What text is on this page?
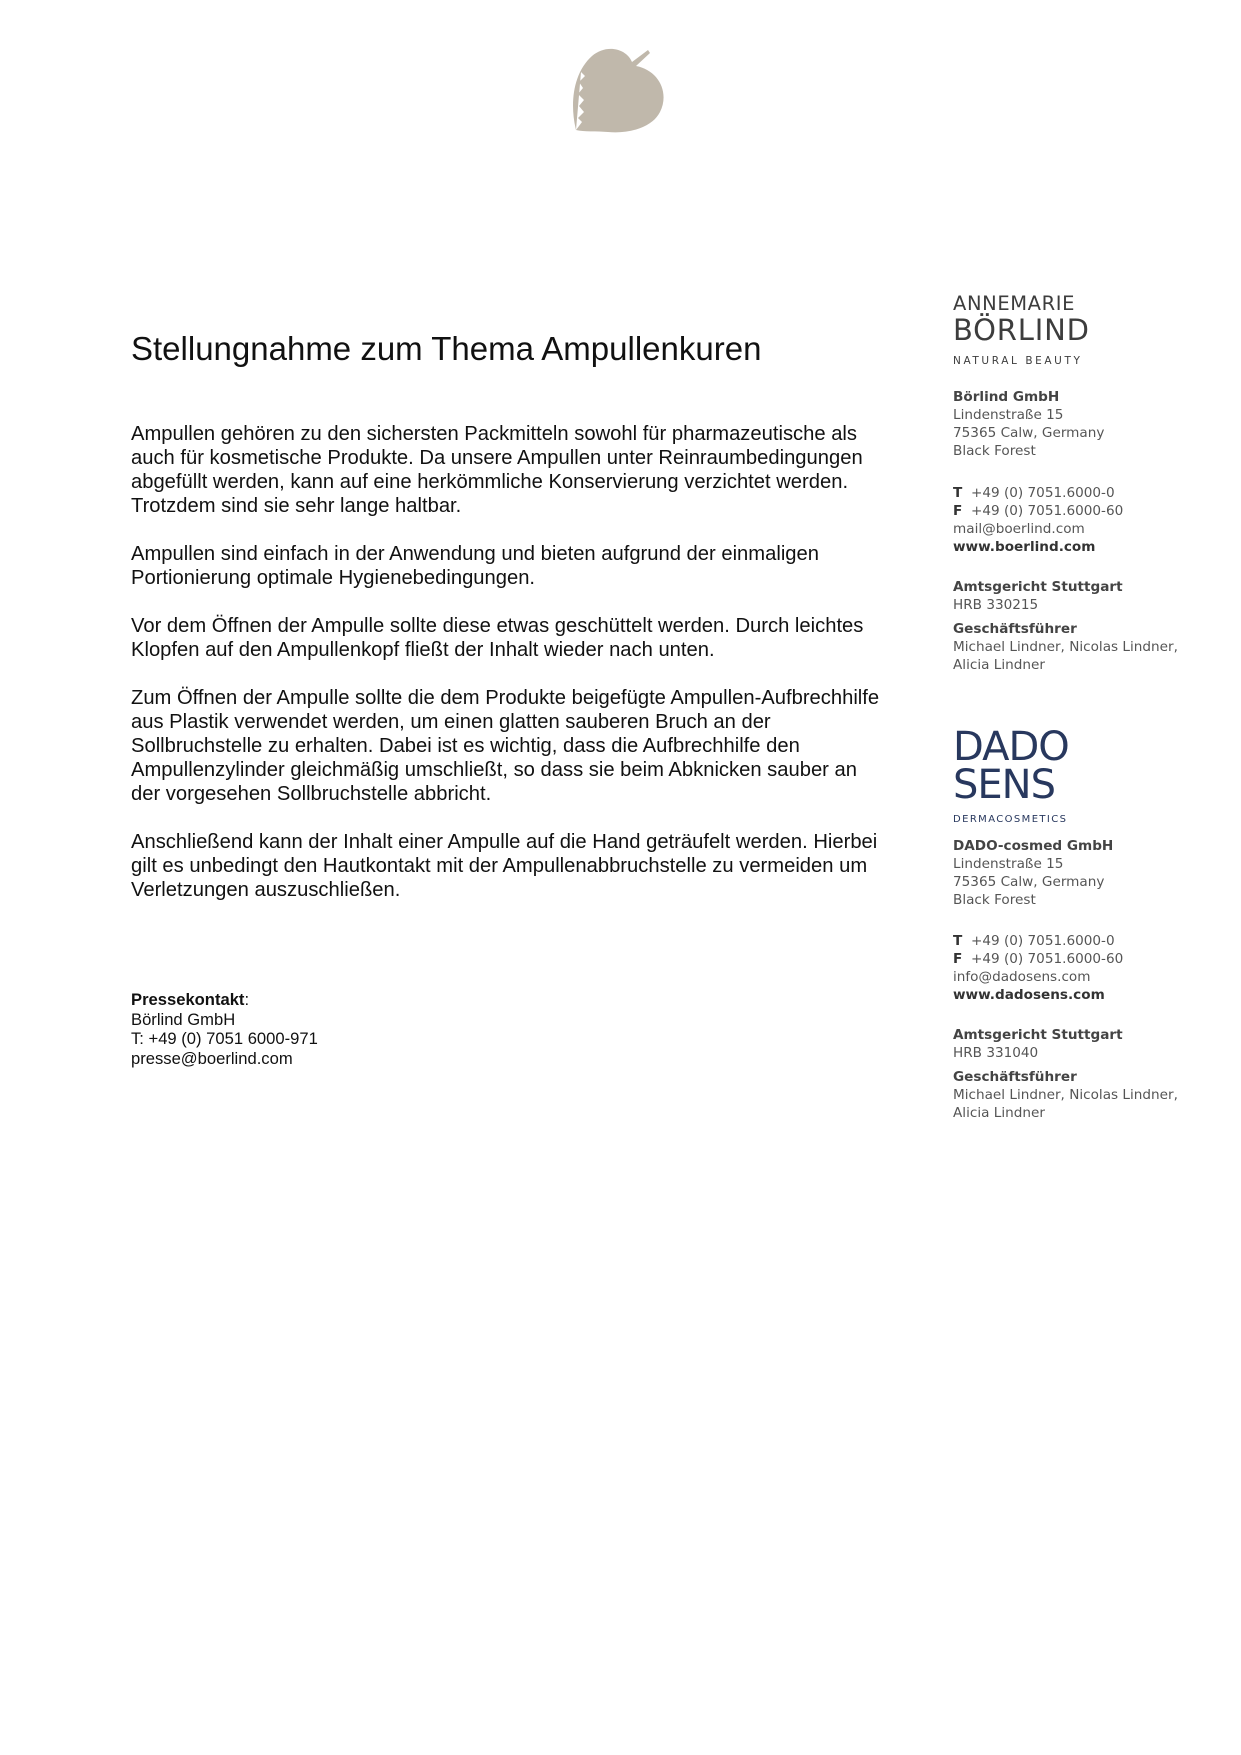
Stellungnahme zum Thema Ampullenkuren

Ampullen gehören zu den sichersten Packmitteln sowohl für pharmazeutische als auch für kosmetische Produkte. Da unsere Ampullen unter Reinraumbedingungen abgefüllt werden, kann auf eine herkömmliche Konservierung verzichtet werden. Trotzdem sind sie sehr lange haltbar.

Ampullen sind einfach in der Anwendung und bieten aufgrund der einmaligen Portionierung optimale Hygienebedingungen.

Vor dem Öffnen der Ampulle sollte diese etwas geschüttelt werden. Durch leichtes Klopfen auf den Ampullenkopf fließt der Inhalt wieder nach unten.

Zum Öffnen der Ampulle sollte die dem Produkte beigefügte Ampullen-Aufbrechhilfe aus Plastik verwendet werden, um einen glatten sauberen Bruch an der Sollbruchstelle zu erhalten. Dabei ist es wichtig, dass die Aufbrechhilfe den Ampullenzylinder gleichmäßig umschließt, so dass sie beim Abknicken sauber an der vorgesehen Sollbruchstelle abbricht.

Anschließend kann der Inhalt einer Ampulle auf die Hand geträufelt werden. Hierbei gilt es unbedingt den Hautkontakt mit der Ampullenabbruchstelle zu vermeiden um Verletzungen auszuschließen.

Pressekontakt:
Börlind GmbH
T: +49 (0) 7051 6000-971
presse@boerlind.com
ANNEMARIE
BÖRLIND
NATURAL BEAUTY
Börlind GmbH
Lindenstraße 15
75365 Calw, Germany
Black Forest
T +49 (0) 7051.6000-0
F +49 (0) 7051.6000-60
mail@boerlind.com
www.boerlind.com
Amtsgericht Stuttgart
HRB 330215
Geschäftsführer
Michael Lindner, Nicolas Lindner,
Alicia Lindner
DADO
SENS
DERMACOSMETICS
DADO-cosmed GmbH
Lindenstraße 15
75365 Calw, Germany
Black Forest
T +49 (0) 7051.6000-0
F +49 (0) 7051.6000-60
info@dadosens.com
www.dadosens.com
Amtsgericht Stuttgart
HRB 331040
Geschäftsführer
Michael Lindner, Nicolas Lindner,
Alicia Lindner
